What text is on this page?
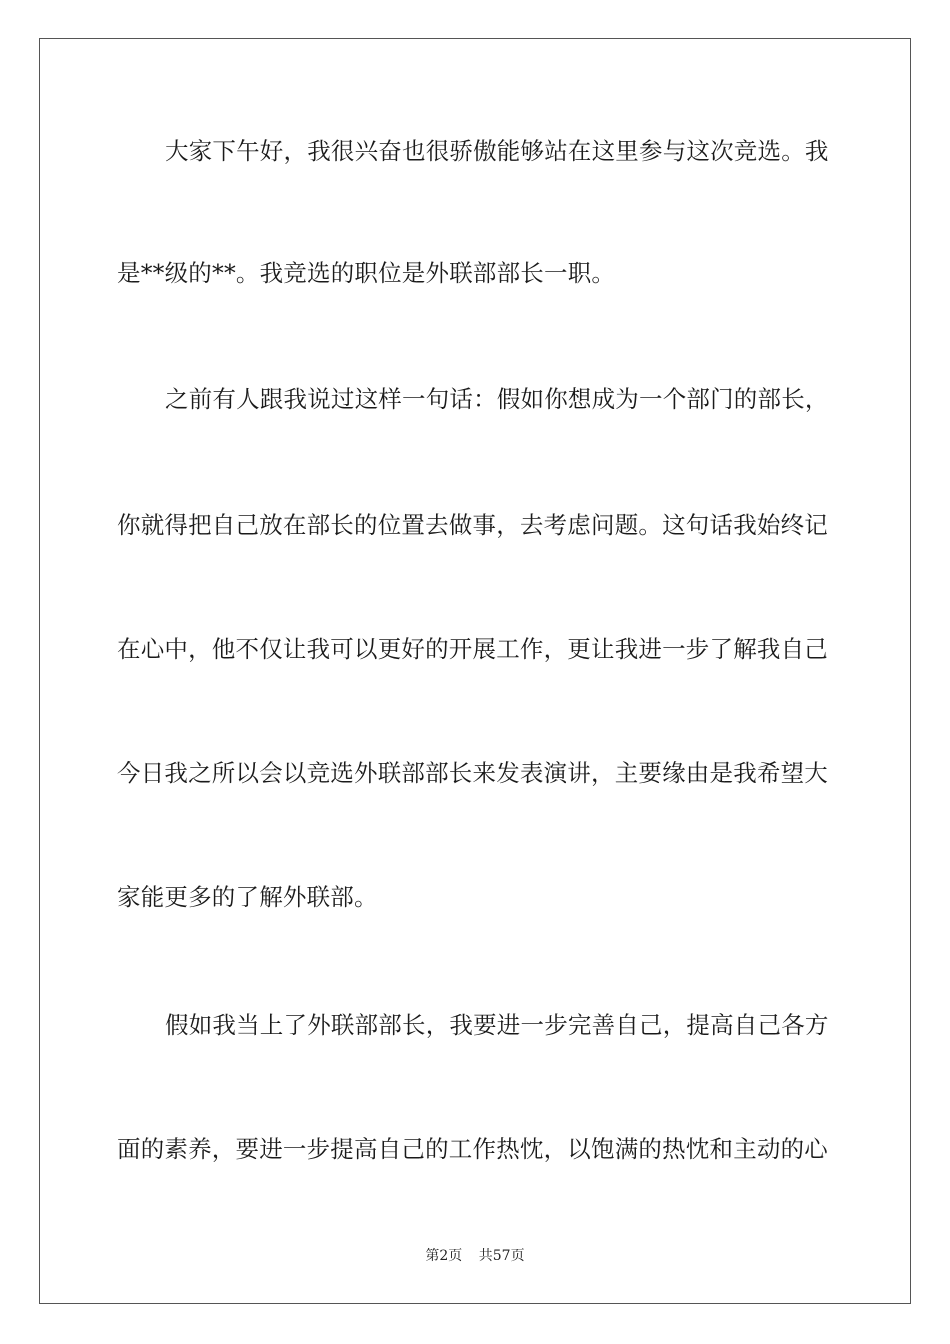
大家下午好，我很兴奋也很骄傲能够站在这里参与这次竞选。我
是**级的**。我竞选的职位是外联部部长一职。
之前有人跟我说过这样一句话：假如你想成为一个部门的部长，
你就得把自己放在部长的位置去做事，去考虑问题。这句话我始终记
在心中，他不仅让我可以更好的开展工作，更让我进一步了解我自己
今日我之所以会以竞选外联部部长来发表演讲，主要缘由是我希望大
家能更多的了解外联部。
假如我当上了外联部部长，我要进一步完善自己，提高自己各方
面的素养，要进一步提高自己的工作热忱，以饱满的热忱和主动的心
第2页 共57页
